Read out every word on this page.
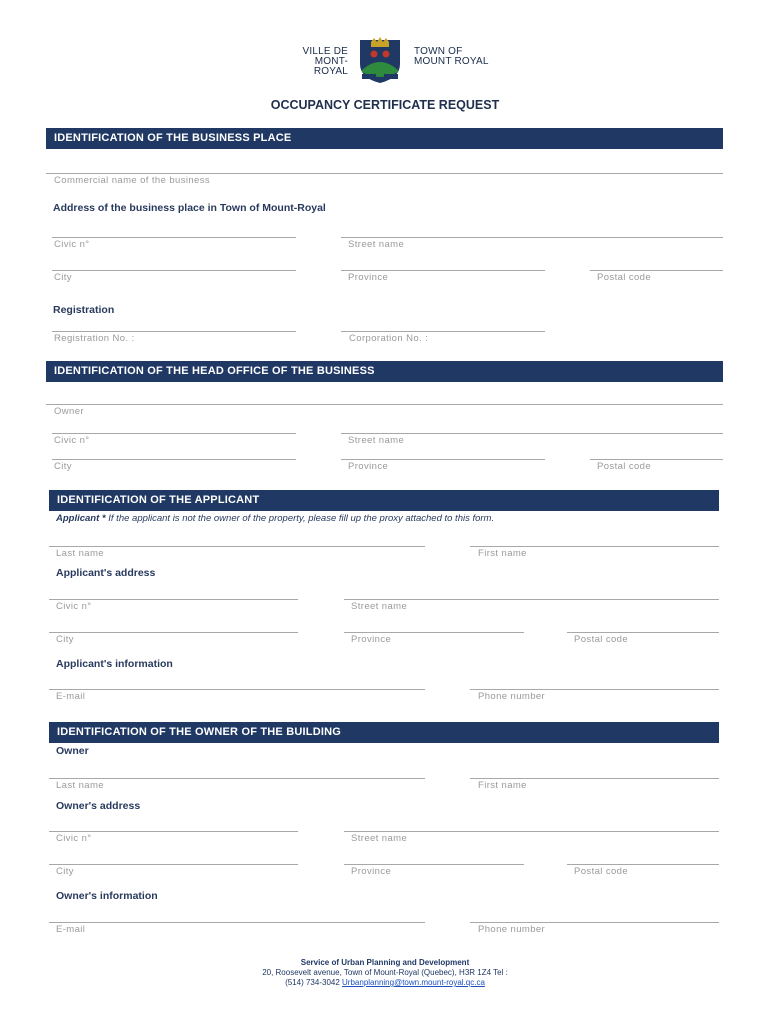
VILLE DE
MONT-ROYAL
TOWN OF
MOUNT ROYAL
OCCUPANCY CERTIFICATE REQUEST
IDENTIFICATION OF THE BUSINESS PLACE
Commercial name of the business
Address of the business place in Town of Mount-Royal
Civic n°	Street name
City	Province	Postal code
Registration
Registration No. :	Corporation No. :
IDENTIFICATION OF THE HEAD OFFICE OF THE BUSINESS
Owner
Civic n°	Street name
City	Province	Postal code
IDENTIFICATION OF THE APPLICANT
Applicant * If the applicant is not the owner of the property, please fill up the proxy attached to this form.
Last name	First name
Applicant's address
Civic n°	Street name
City	Province	Postal code
Applicant's information
E-mail	Phone number
IDENTIFICATION OF THE OWNER OF THE BUILDING
Owner
Last name	First name
Owner's address
Civic n°	Street name
City	Province	Postal code
Owner's information
E-mail	Phone number
Service of Urban Planning and Development
20, Roosevelt avenue, Town of Mount-Royal (Quebec), H3R 1Z4 Tel :
(514) 734-3042 Urbanplanning@town.mount-royal.qc.ca
